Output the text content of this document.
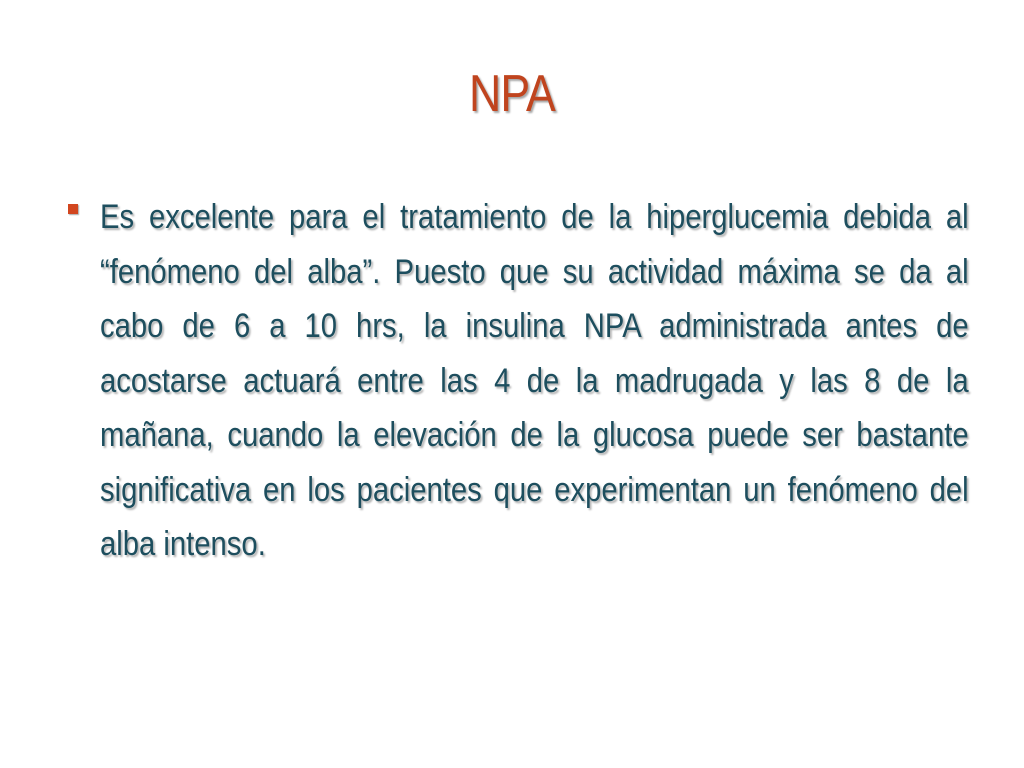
NPA

Es excelente para el tratamiento de la hiperglucemia debida al “fenómeno del alba”. Puesto que su actividad máxima se da al cabo de 6 a 10 hrs, la insulina NPA administrada antes de acostarse actuará entre las 4 de la madrugada y las 8 de la mañana, cuando la elevación de la glucosa puede ser bastante significativa en los pacientes que experimentan un fenómeno del alba intenso.
